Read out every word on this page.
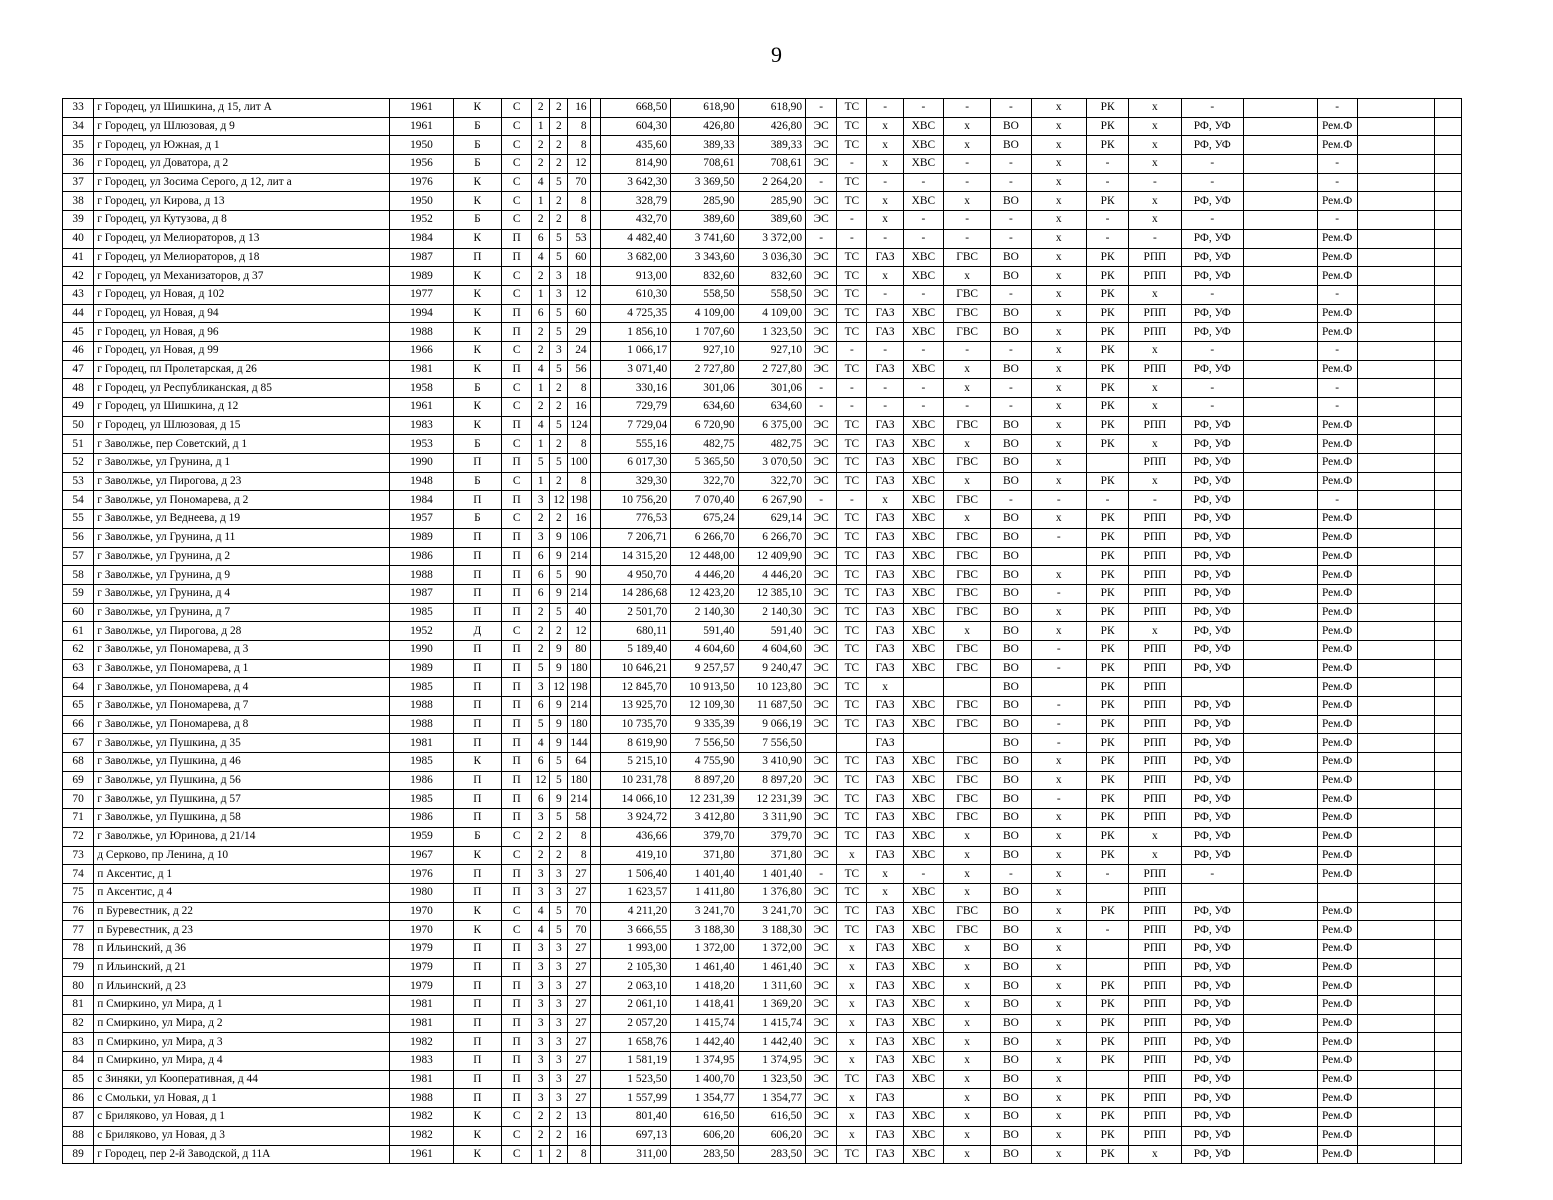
9
33	г Городец, ул Шишкина, д 15, лит А	1961	К	С	2	2	16		668,50	618,90	618,90	-	ТС	-	-	-	-	х	РК	х	-		-		
34	г Городец, ул Шлюзовая, д 9	1961	Б	С	1	2	8		604,30	426,80	426,80	ЭС	ТС	х	ХВС	х	ВО	х	РК	х	РФ, УФ		Рем.Ф		
35	г Городец, ул Южная, д 1	1950	Б	С	2	2	8		435,60	389,33	389,33	ЭС	ТС	х	ХВС	х	ВО	х	РК	х	РФ, УФ		Рем.Ф		
36	г Городец, ул Доватора, д 2	1956	Б	С	2	2	12		814,90	708,61	708,61	ЭС	-	х	ХВС	-	-	х	-	х	-		-		
37	г Городец, ул Зосима Серого, д 12, лит а	1976	К	С	4	5	70		3 642,30	3 369,50	2 264,20	-	ТС	-	-	-	-	х	-	-	-		-		
38	г Городец, ул Кирова, д 13	1950	К	С	1	2	8		328,79	285,90	285,90	ЭС	ТС	х	ХВС	х	ВО	х	РК	х	РФ, УФ		Рем.Ф		
39	г Городец, ул Кутузова, д 8	1952	Б	С	2	2	8		432,70	389,60	389,60	ЭС	-	х	-	-	-	х	-	х	-		-		
40	г Городец, ул Мелиораторов, д 13	1984	К	П	6	5	53		4 482,40	3 741,60	3 372,00	-	-	-	-	-	-	х	-	-	РФ, УФ		Рем.Ф		
41	г Городец, ул Мелиораторов, д 18	1987	П	П	4	5	60		3 682,00	3 343,60	3 036,30	ЭС	ТС	ГАЗ	ХВС	ГВС	ВО	х	РК	РПП	РФ, УФ		Рем.Ф		
42	г Городец, ул Механизаторов, д 37	1989	К	С	2	3	18		913,00	832,60	832,60	ЭС	ТС	х	ХВС	х	ВО	х	РК	РПП	РФ, УФ		Рем.Ф		
43	г Городец, ул Новая, д 102	1977	К	С	1	3	12		610,30	558,50	558,50	ЭС	ТС	-	-	ГВС	-	х	РК	х	-		-		
44	г Городец, ул Новая, д 94	1994	К	П	6	5	60		4 725,35	4 109,00	4 109,00	ЭС	ТС	ГАЗ	ХВС	ГВС	ВО	х	РК	РПП	РФ, УФ		Рем.Ф		
45	г Городец, ул Новая, д 96	1988	К	П	2	5	29		1 856,10	1 707,60	1 323,50	ЭС	ТС	ГАЗ	ХВС	ГВС	ВО	х	РК	РПП	РФ, УФ		Рем.Ф		
46	г Городец, ул Новая, д 99	1966	К	С	2	3	24		1 066,17	927,10	927,10	ЭС	-	-	-	-	-	х	РК	х	-		-		
47	г Городец, пл Пролетарская, д 26	1981	К	П	4	5	56		3 071,40	2 727,80	2 727,80	ЭС	ТС	ГАЗ	ХВС	х	ВО	х	РК	РПП	РФ, УФ		Рем.Ф		
48	г Городец, ул Республиканская, д 85	1958	Б	С	1	2	8		330,16	301,06	301,06	-	-	-	-	х	-	х	РК	х	-		-		
49	г Городец, ул Шишкина, д 12	1961	К	С	2	2	16		729,79	634,60	634,60	-	-	-	-	-	-	х	РК	х	-		-		
50	г Городец, ул Шлюзовая, д 15	1983	К	П	4	5	124		7 729,04	6 720,90	6 375,00	ЭС	ТС	ГАЗ	ХВС	ГВС	ВО	х	РК	РПП	РФ, УФ		Рем.Ф		
51	г Заволжье, пер Советский, д 1	1953	Б	С	1	2	8		555,16	482,75	482,75	ЭС	ТС	ГАЗ	ХВС	х	ВО	х	РК	х	РФ, УФ		Рем.Ф		
52	г Заволжье, ул Грунина, д 1	1990	П	П	5	5	100		6 017,30	5 365,50	3 070,50	ЭС	ТС	ГАЗ	ХВС	ГВС	ВО	х		РПП	РФ, УФ		Рем.Ф		
53	г Заволжье, ул Пирогова, д 23	1948	Б	С	1	2	8		329,30	322,70	322,70	ЭС	ТС	ГАЗ	ХВС	х	ВО	х	РК	х	РФ, УФ		Рем.Ф		
54	г Заволжье, ул Пономарева, д 2	1984	П	П	3	12	198		10 756,20	7 070,40	6 267,90	-	-	х	ХВС	ГВС	-	-	-	-	РФ, УФ		-		
55	г Заволжье, ул Веднеева, д 19	1957	Б	С	2	2	16		776,53	675,24	629,14	ЭС	ТС	ГАЗ	ХВС	х	ВО	х	РК	РПП	РФ, УФ		Рем.Ф		
56	г Заволжье, ул Грунина, д 11	1989	П	П	3	9	106		7 206,71	6 266,70	6 266,70	ЭС	ТС	ГАЗ	ХВС	ГВС	ВО	-	РК	РПП	РФ, УФ		Рем.Ф		
57	г Заволжье, ул Грунина, д 2	1986	П	П	6	9	214		14 315,20	12 448,00	12 409,90	ЭС	ТС	ГАЗ	ХВС	ГВС	ВО		РК	РПП	РФ, УФ		Рем.Ф		
58	г Заволжье, ул Грунина, д 9	1988	П	П	6	5	90		4 950,70	4 446,20	4 446,20	ЭС	ТС	ГАЗ	ХВС	ГВС	ВО	х	РК	РПП	РФ, УФ		Рем.Ф		
59	г Заволжье, ул Грунина, д 4	1987	П	П	6	9	214		14 286,68	12 423,20	12 385,10	ЭС	ТС	ГАЗ	ХВС	ГВС	ВО	-	РК	РПП	РФ, УФ		Рем.Ф		
60	г Заволжье, ул Грунина, д 7	1985	П	П	2	5	40		2 501,70	2 140,30	2 140,30	ЭС	ТС	ГАЗ	ХВС	ГВС	ВО	х	РК	РПП	РФ, УФ		Рем.Ф		
61	г Заволжье, ул Пирогова, д 28	1952	Д	С	2	2	12		680,11	591,40	591,40	ЭС	ТС	ГАЗ	ХВС	х	ВО	х	РК	х	РФ, УФ		Рем.Ф		
62	г Заволжье, ул Пономарева, д 3	1990	П	П	2	9	80		5 189,40	4 604,60	4 604,60	ЭС	ТС	ГАЗ	ХВС	ГВС	ВО	-	РК	РПП	РФ, УФ		Рем.Ф		
63	г Заволжье, ул Пономарева, д 1	1989	П	П	5	9	180		10 646,21	9 257,57	9 240,47	ЭС	ТС	ГАЗ	ХВС	ГВС	ВО	-	РК	РПП	РФ, УФ		Рем.Ф		
64	г Заволжье, ул Пономарева, д 4	1985	П	П	3	12	198		12 845,70	10 913,50	10 123,80	ЭС	ТС	х			ВО		РК	РПП			Рем.Ф		
65	г Заволжье, ул Пономарева, д 7	1988	П	П	6	9	214		13 925,70	12 109,30	11 687,50	ЭС	ТС	ГАЗ	ХВС	ГВС	ВО	-	РК	РПП	РФ, УФ		Рем.Ф		
66	г Заволжье, ул Пономарева, д 8	1988	П	П	5	9	180		10 735,70	9 335,39	9 066,19	ЭС	ТС	ГАЗ	ХВС	ГВС	ВО	-	РК	РПП	РФ, УФ		Рем.Ф		
67	г Заволжье, ул Пушкина, д 35	1981	П	П	4	9	144		8 619,90	7 556,50	7 556,50			ГАЗ			ВО	-	РК	РПП	РФ, УФ		Рем.Ф		
68	г Заволжье, ул Пушкина, д 46	1985	К	П	6	5	64		5 215,10	4 755,90	3 410,90	ЭС	ТС	ГАЗ	ХВС	ГВС	ВО	х	РК	РПП	РФ, УФ		Рем.Ф		
69	г Заволжье, ул Пушкина, д 56	1986	П	П	12	5	180		10 231,78	8 897,20	8 897,20	ЭС	ТС	ГАЗ	ХВС	ГВС	ВО	х	РК	РПП	РФ, УФ		Рем.Ф		
70	г Заволжье, ул Пушкина, д 57	1985	П	П	6	9	214		14 066,10	12 231,39	12 231,39	ЭС	ТС	ГАЗ	ХВС	ГВС	ВО	-	РК	РПП	РФ, УФ		Рем.Ф		
71	г Заволжье, ул Пушкина, д 58	1986	П	П	3	5	58		3 924,72	3 412,80	3 311,90	ЭС	ТС	ГАЗ	ХВС	ГВС	ВО	х	РК	РПП	РФ, УФ		Рем.Ф		
72	г Заволжье, ул Юринова, д 21/14	1959	Б	С	2	2	8		436,66	379,70	379,70	ЭС	ТС	ГАЗ	ХВС	х	ВО	х	РК	х	РФ, УФ		Рем.Ф		
73	д Серково, пр Ленина, д 10	1967	К	С	2	2	8		419,10	371,80	371,80	ЭС	х	ГАЗ	ХВС	х	ВО	х	РК	х	РФ, УФ		Рем.Ф		
74	п Аксентис, д 1	1976	П	П	3	3	27		1 506,40	1 401,40	1 401,40	-	ТС	х	-	х	-	х	-	РПП	-		Рем.Ф		
75	п Аксентис, д 4	1980	П	П	3	3	27		1 623,57	1 411,80	1 376,80	ЭС	ТС	х	ХВС	х	ВО	х		РПП					
76	п Буревестник, д 22	1970	К	С	4	5	70		4 211,20	3 241,70	3 241,70	ЭС	ТС	ГАЗ	ХВС	ГВС	ВО	х	РК	РПП	РФ, УФ		Рем.Ф		
77	п Буревестник, д 23	1970	К	С	4	5	70		3 666,55	3 188,30	3 188,30	ЭС	ТС	ГАЗ	ХВС	ГВС	ВО	х	-	РПП	РФ, УФ		Рем.Ф		
78	п Ильинский, д 36	1979	П	П	3	3	27		1 993,00	1 372,00	1 372,00	ЭС	х	ГАЗ	ХВС	х	ВО	х		РПП	РФ, УФ		Рем.Ф		
79	п Ильинский, д 21	1979	П	П	3	3	27		2 105,30	1 461,40	1 461,40	ЭС	х	ГАЗ	ХВС	х	ВО	х		РПП	РФ, УФ		Рем.Ф		
80	п Ильинский, д 23	1979	П	П	3	3	27		2 063,10	1 418,20	1 311,60	ЭС	х	ГАЗ	ХВС	х	ВО	х	РК	РПП	РФ, УФ		Рем.Ф		
81	п Смиркино, ул Мира, д 1	1981	П	П	3	3	27		2 061,10	1 418,41	1 369,20	ЭС	х	ГАЗ	ХВС	х	ВО	х	РК	РПП	РФ, УФ		Рем.Ф		
82	п Смиркино, ул Мира, д 2	1981	П	П	3	3	27		2 057,20	1 415,74	1 415,74	ЭС	х	ГАЗ	ХВС	х	ВО	х	РК	РПП	РФ, УФ		Рем.Ф		
83	п Смиркино, ул Мира, д 3	1982	П	П	3	3	27		1 658,76	1 442,40	1 442,40	ЭС	х	ГАЗ	ХВС	х	ВО	х	РК	РПП	РФ, УФ		Рем.Ф		
84	п Смиркино, ул Мира, д 4	1983	П	П	3	3	27		1 581,19	1 374,95	1 374,95	ЭС	х	ГАЗ	ХВС	х	ВО	х	РК	РПП	РФ, УФ		Рем.Ф		
85	с Зиняки, ул Кооперативная, д 44	1981	П	П	3	3	27		1 523,50	1 400,70	1 323,50	ЭС	ТС	ГАЗ	ХВС	х	ВО	х		РПП	РФ, УФ		Рем.Ф		
86	с Смольки, ул Новая, д 1	1988	П	П	3	3	27		1 557,99	1 354,77	1 354,77	ЭС	х	ГАЗ		х	ВО	х	РК	РПП	РФ, УФ		Рем.Ф		
87	с Бриляково, ул Новая, д 1	1982	К	С	2	2	13		801,40	616,50	616,50	ЭС	х	ГАЗ	ХВС	х	ВО	х	РК	РПП	РФ, УФ		Рем.Ф		
88	с Бриляково, ул Новая, д 3	1982	К	С	2	2	16		697,13	606,20	606,20	ЭС	х	ГАЗ	ХВС	х	ВО	х	РК	РПП	РФ, УФ		Рем.Ф		
89	г Городец, пер 2-й Заводской, д 11А	1961	К	С	1	2	8		311,00	283,50	283,50	ЭС	ТС	ГАЗ	ХВС	х	ВО	х	РК	х	РФ, УФ		Рем.Ф		
